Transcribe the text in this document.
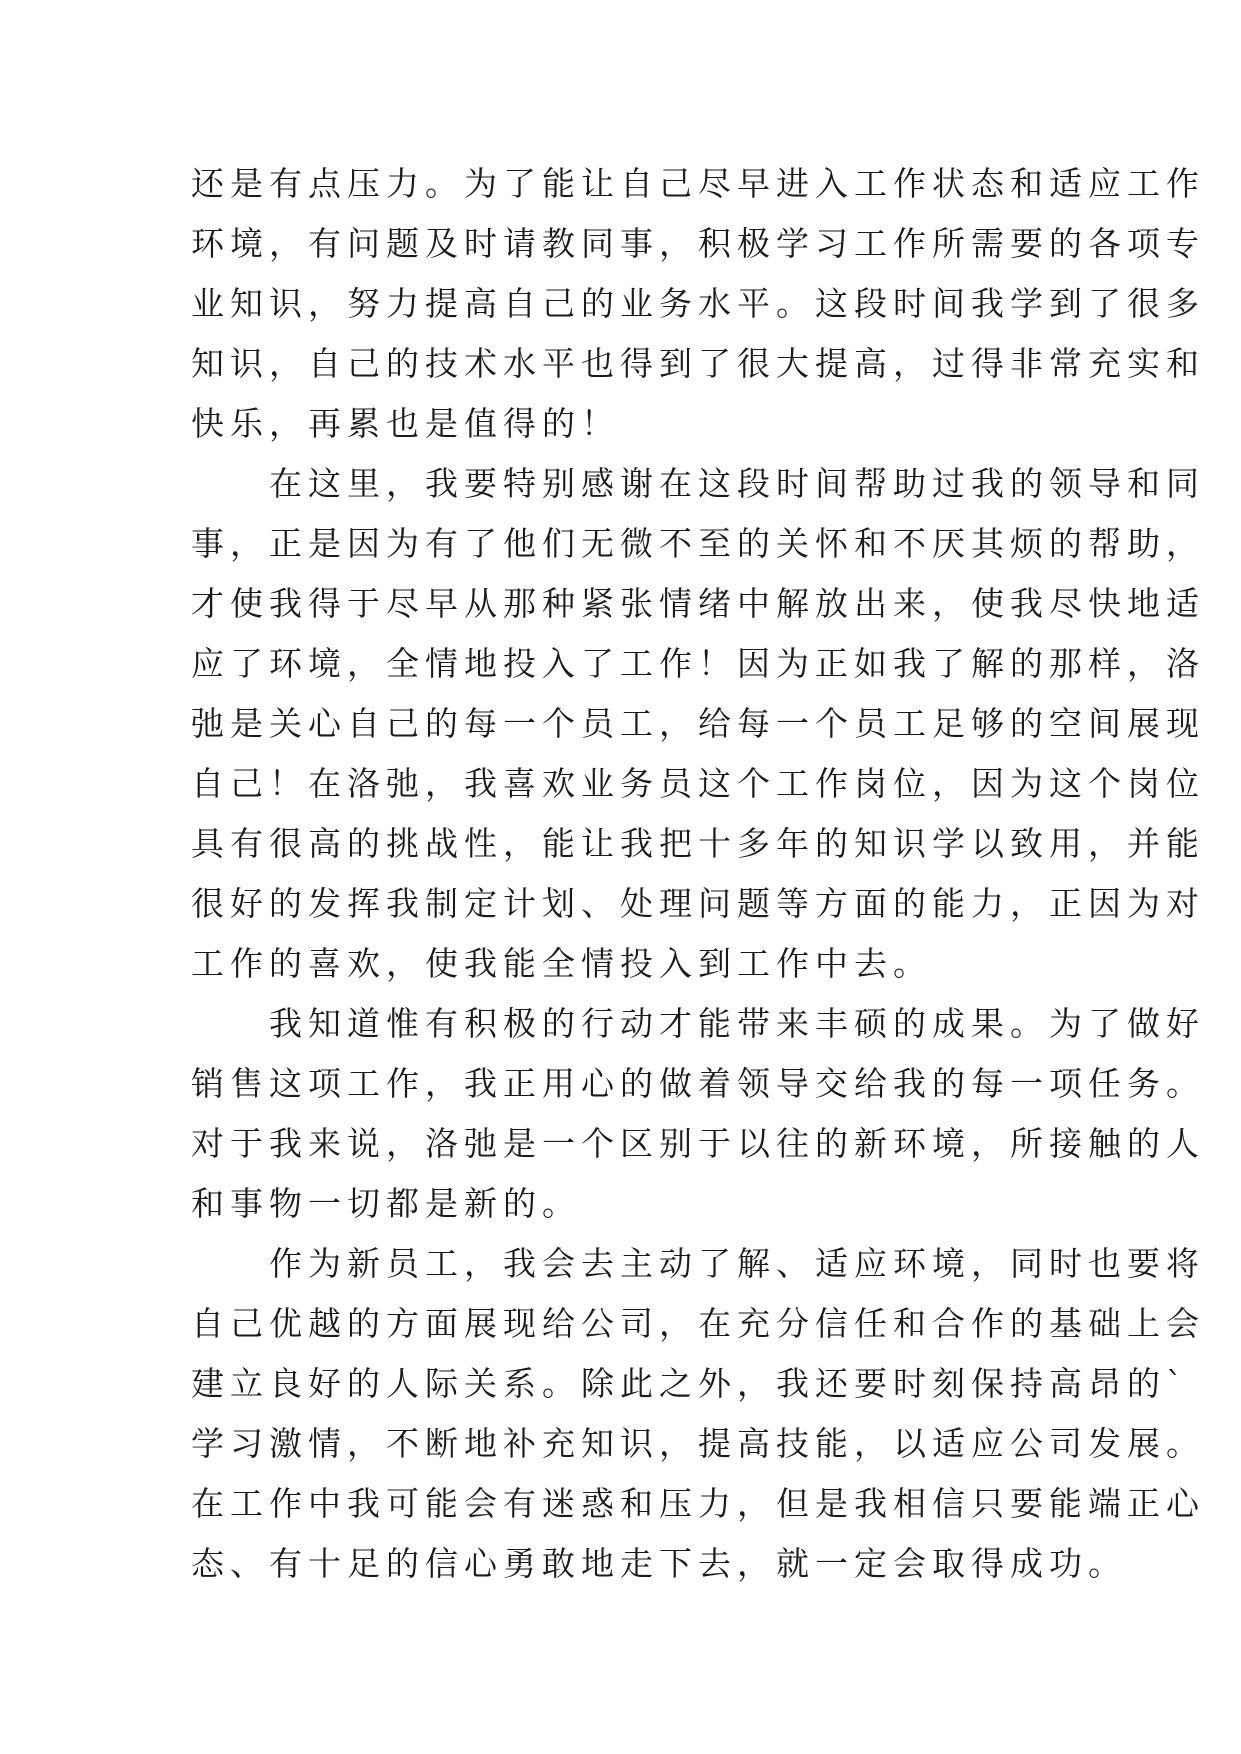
还是有点压力。为了能让自己尽早进入工作状态和适应工作
环境，有问题及时请教同事，积极学习工作所需要的各项专
业知识，努力提高自己的业务水平。这段时间我学到了很多
知识，自己的技术水平也得到了很大提高，过得非常充实和
快乐，再累也是值得的！
　　在这里，我要特别感谢在这段时间帮助过我的领导和同
事，正是因为有了他们无微不至的关怀和不厌其烦的帮助，
才使我得于尽早从那种紧张情绪中解放出来，使我尽快地适
应了环境，全情地投入了工作！因为正如我了解的那样，洛
弛是关心自己的每一个员工，给每一个员工足够的空间展现
自己！在洛弛，我喜欢业务员这个工作岗位，因为这个岗位
具有很高的挑战性，能让我把十多年的知识学以致用，并能
很好的发挥我制定计划、处理问题等方面的能力，正因为对
工作的喜欢，使我能全情投入到工作中去。
　　我知道惟有积极的行动才能带来丰硕的成果。为了做好
销售这项工作，我正用心的做着领导交给我的每一项任务。
对于我来说，洛弛是一个区别于以往的新环境，所接触的人
和事物一切都是新的。
　　作为新员工，我会去主动了解、适应环境，同时也要将
自己优越的方面展现给公司，在充分信任和合作的基础上会
建立良好的人际关系。除此之外，我还要时刻保持高昂的`
学习激情，不断地补充知识，提高技能，以适应公司发展。
在工作中我可能会有迷惑和压力，但是我相信只要能端正心
态、有十足的信心勇敢地走下去，就一定会取得成功。
